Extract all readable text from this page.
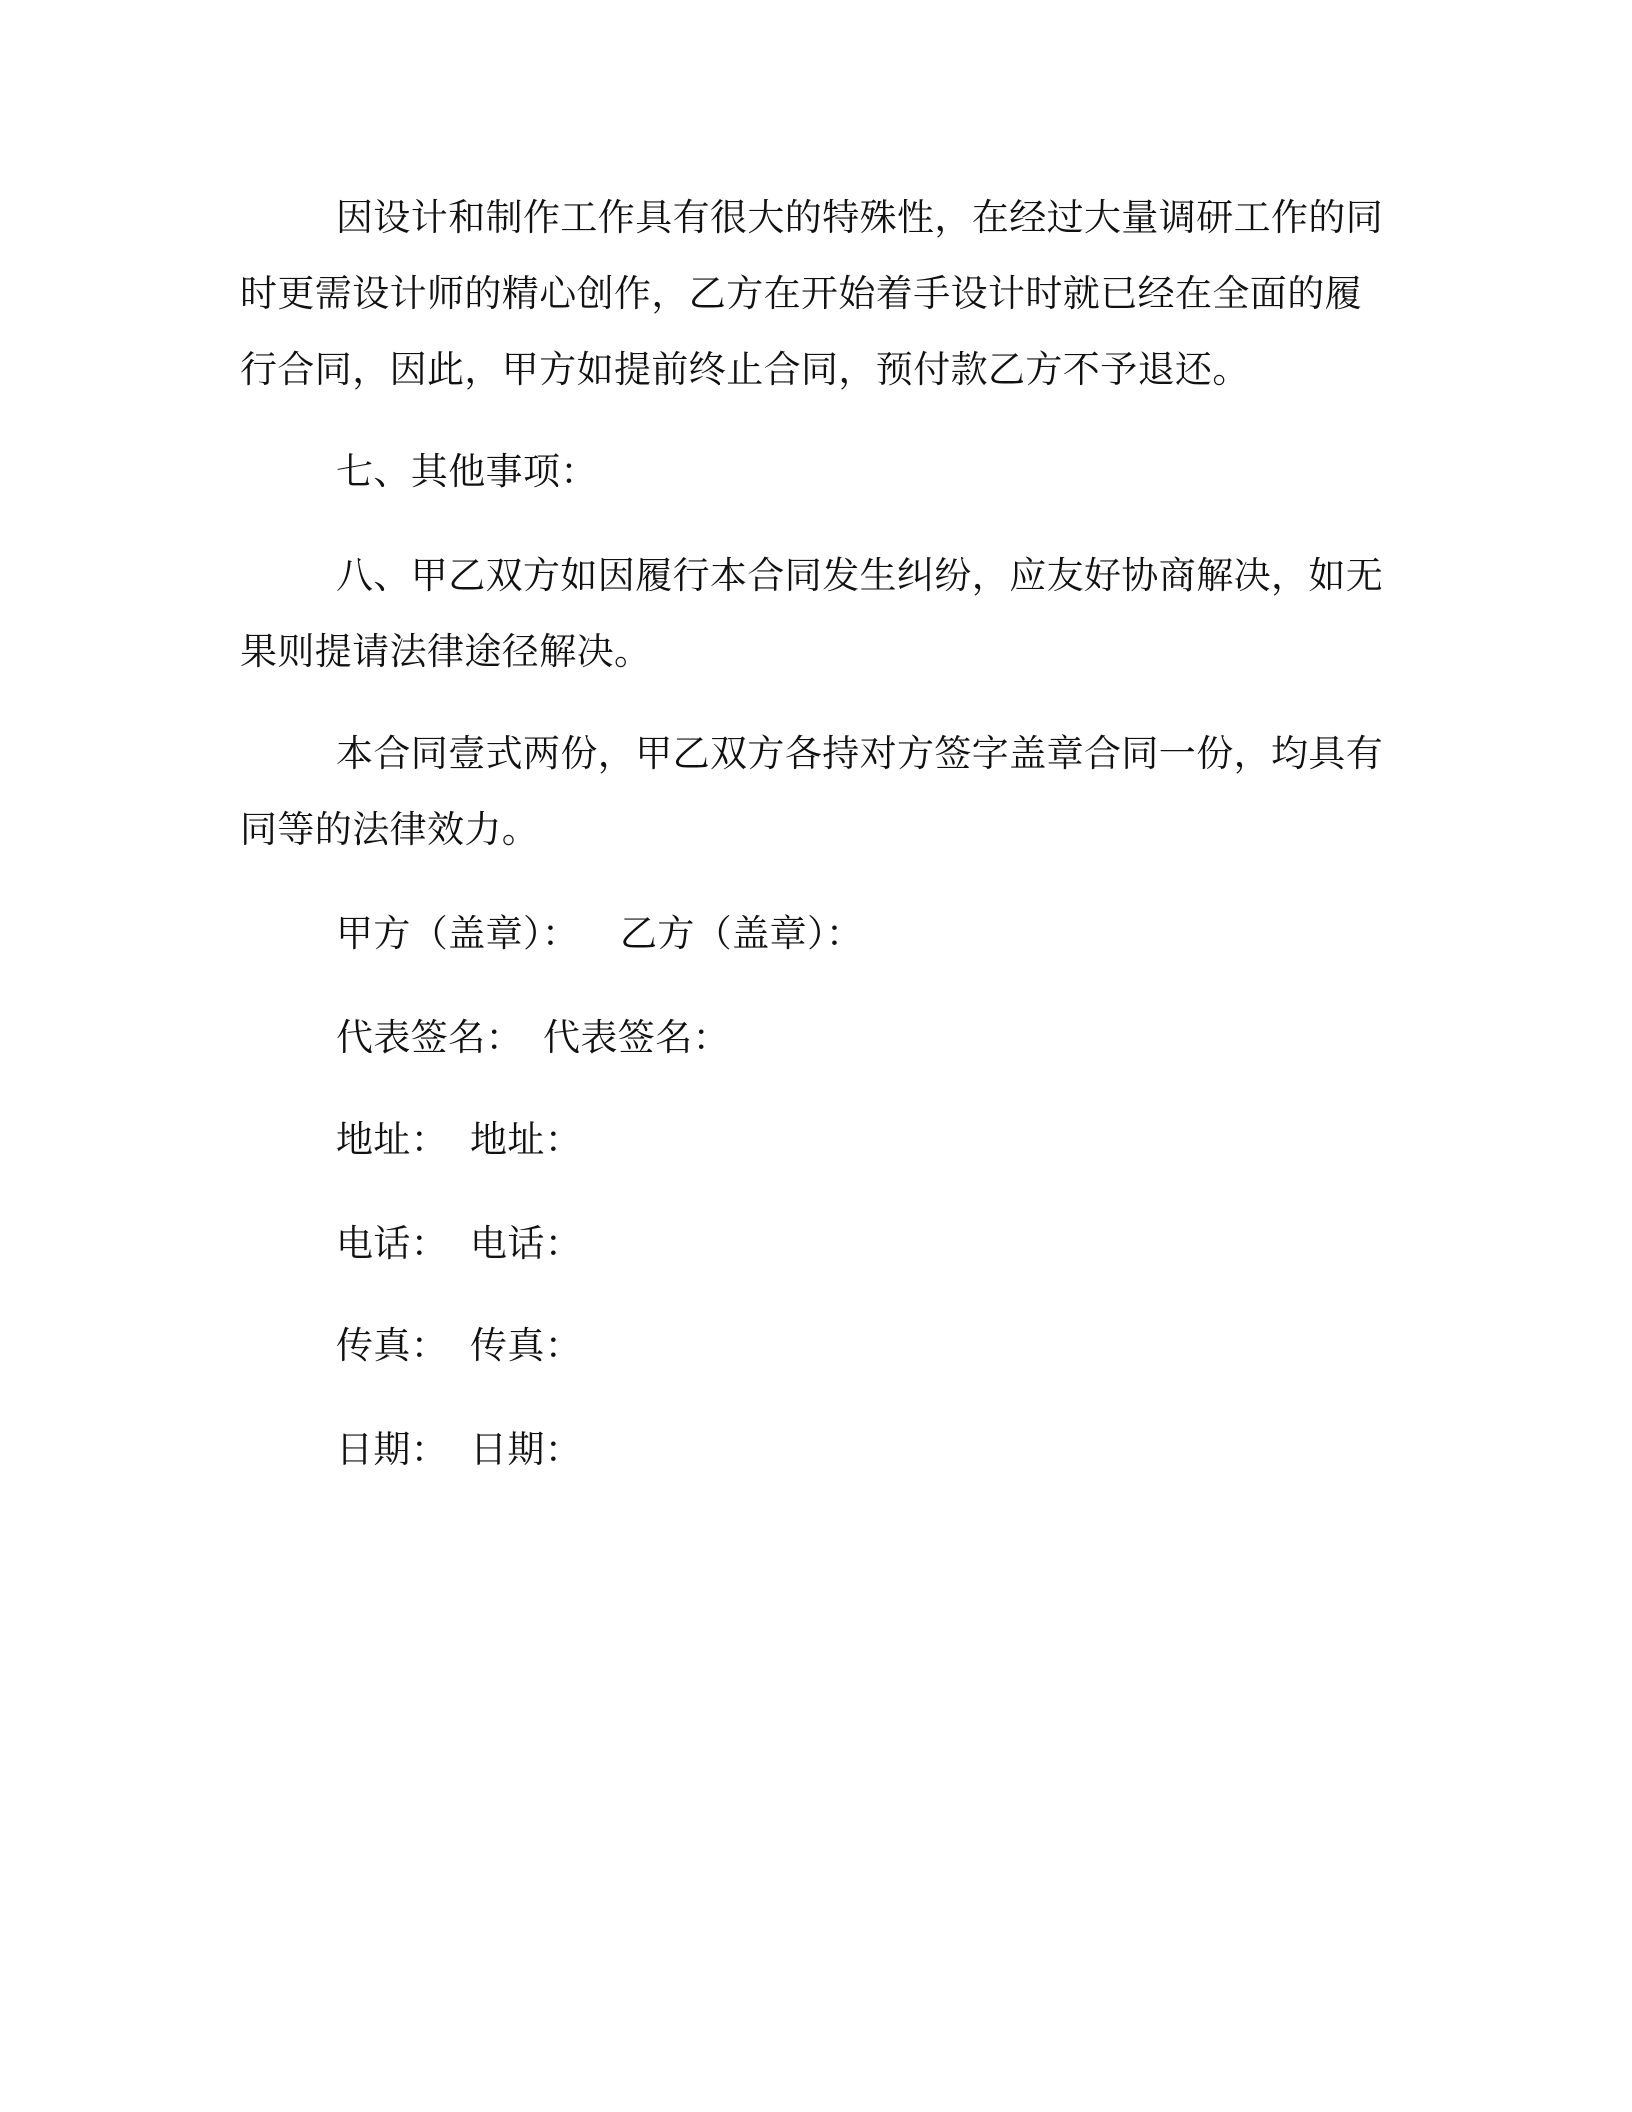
因设计和制作工作具有很大的特殊性，在经过大量调研工作的同
时更需设计师的精心创作，乙方在开始着手设计时就已经在全面的履
行合同，因此，甲方如提前终止合同，预付款乙方不予退还。
七、其他事项：
八、甲乙双方如因履行本合同发生纠纷，应友好协商解决，如无
果则提请法律途径解决。
本合同壹式两份，甲乙双方各持对方签字盖章合同一份，均具有
同等的法律效力。
甲方（盖章）： 乙方（盖章）：
代表签名： 代表签名：
地址： 地址：
电话： 电话：
传真： 传真：
日期： 日期：
